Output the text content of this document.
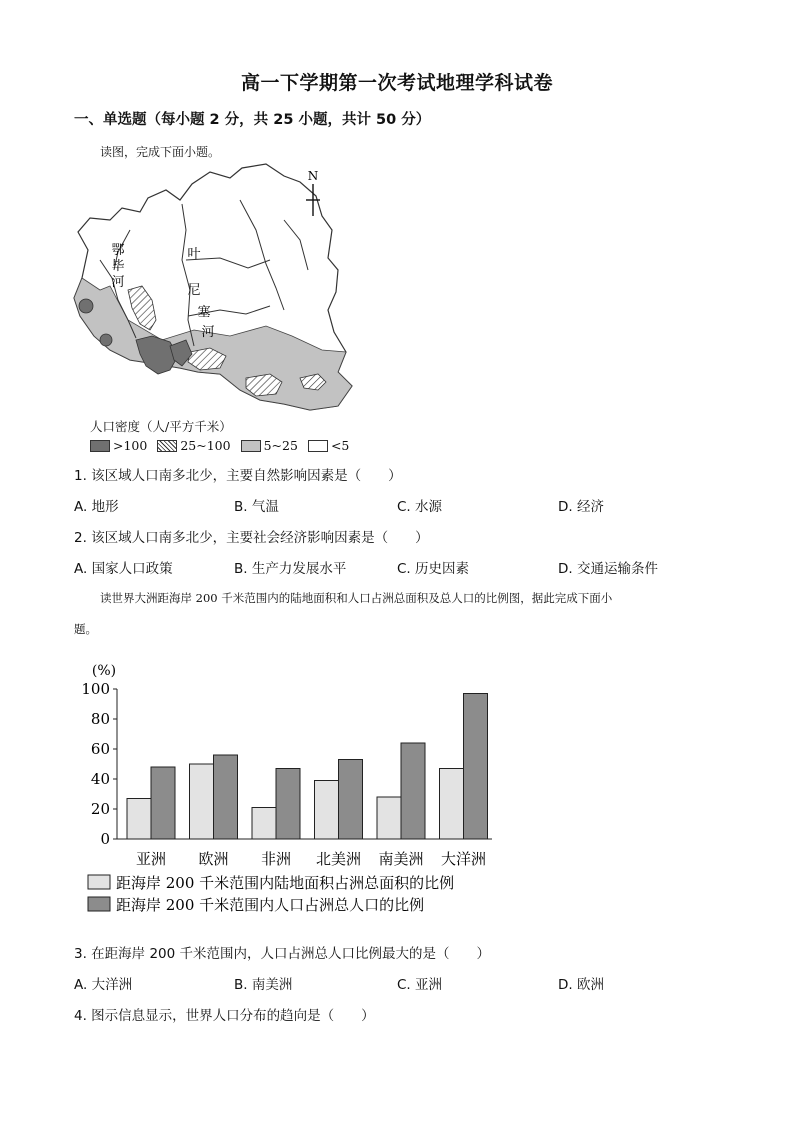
高一下学期第一次考试地理学科试卷
一、单选题（每小题 2 分，共 25 小题，共计 50 分）
读图，完成下面小题。
N
鄂
毕
河
叶
尼
塞
河
人口密度（人/平方千米）
>100	25~100	5~25	<5
1. 该区域人口南多北少，主要自然影响因素是（　　）
A. 地形	B. 气温	C. 水源	D. 经济
2. 该区域人口南多北少，主要社会经济影响因素是（　　）
A. 国家人口政策	B. 生产力发展水平	C. 历史因素	D. 交通运输条件
读世界大洲距海岸 200 千米范围内的陆地面积和人口占洲总面积及总人口的比例图，据此完成下面小
题。
(%)
100
80
60
40
20
0
亚洲 欧洲 非洲 北美洲 南美洲 大洋洲
距海岸 200 千米范围内陆地面积占洲总面积的比例
距海岸 200 千米范围内人口占洲总人口的比例
3. 在距海岸 200 千米范围内，人口占洲总人口比例最大的是（　　）
A. 大洋洲	B. 南美洲	C. 亚洲	D. 欧洲
4. 图示信息显示，世界人口分布的趋向是（　　）
